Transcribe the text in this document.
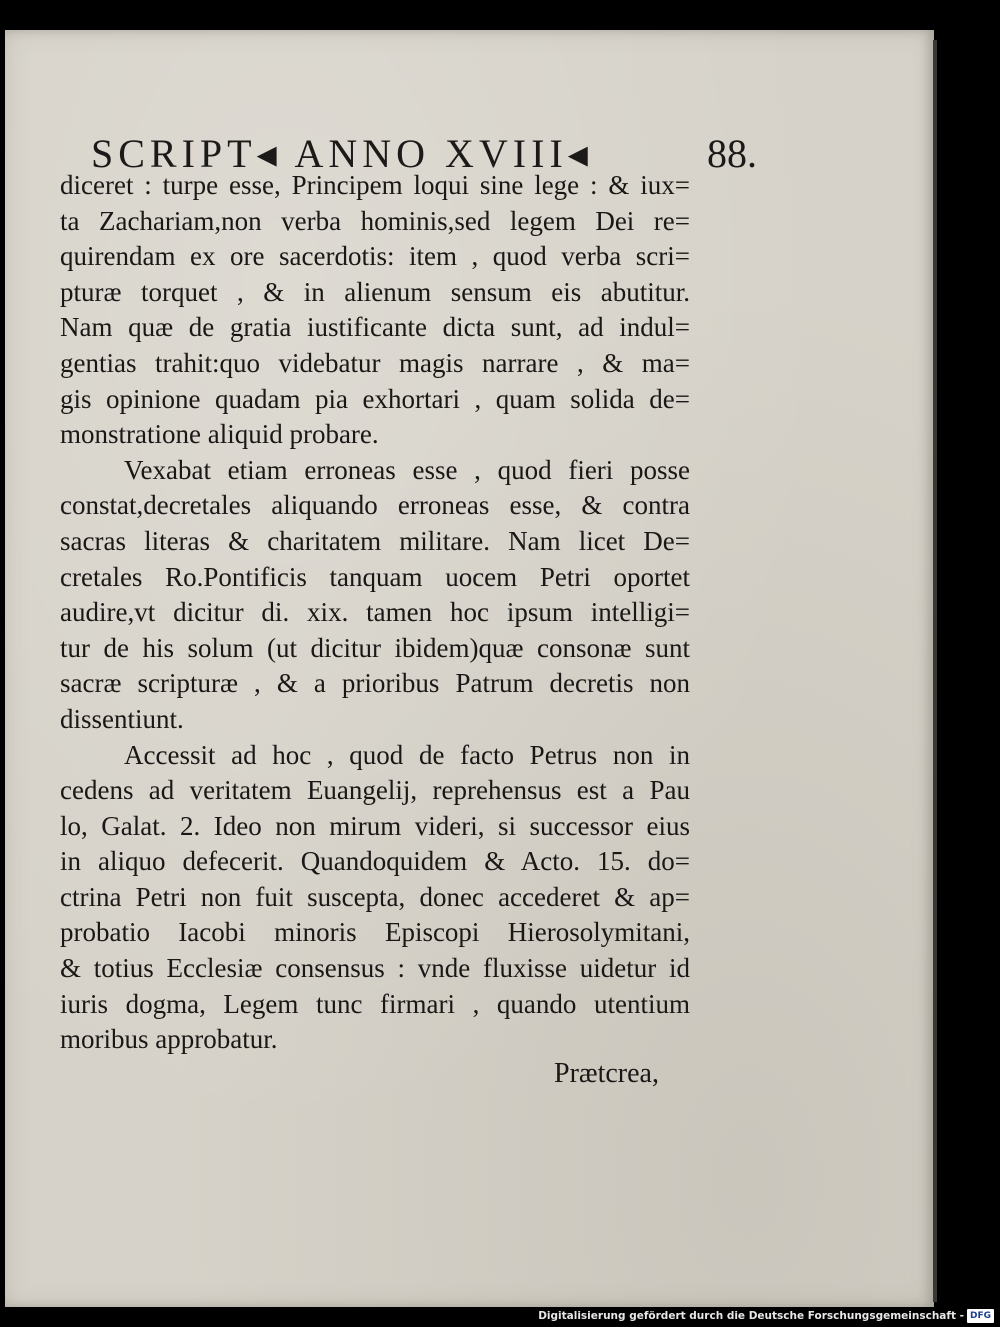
SCRIPT◂ ANNO XVIII◂	88.
diceret : turpe esse, Principem loqui sine lege : & iux=
ta Zachariam,non verba hominis,sed legem Dei re=
quirendam ex ore sacerdotis: item , quod verba scri=
pturæ torquet , & in alienum sensum eis abutitur.
Nam quæ de gratia iustificante dicta sunt, ad indul=
gentias trahit:quo videbatur magis narrare , & ma=
gis opinione quadam pia exhortari , quam solida de=
monstratione aliquid probare.
Vexabat etiam erroneas esse , quod fieri posse
constat,decretales aliquando erroneas esse, & contra
sacras literas & charitatem militare. Nam licet De=
cretales Ro.Pontificis tanquam uocem Petri oportet
audire,vt dicitur di. xix. tamen hoc ipsum intelligi=
tur de his solum (ut dicitur ibidem)quæ consonæ sunt
sacræ scripturæ , & a prioribus Patrum decretis non
dissentiunt.
Accessit ad hoc , quod de facto Petrus non in
cedens ad veritatem Euangelij, reprehensus est a Pau
lo, Galat. 2. Ideo non mirum videri, si successor eius
in aliquo defecerit. Quandoquidem & Acto. 15. do=
ctrina Petri non fuit suscepta, donec accederet & ap=
probatio Iacobi minoris Episcopi Hierosolymitani,
& totius Ecclesiæ consensus : vnde fluxisse uidetur id
iuris dogma, Legem tunc firmari , quando utentium
moribus approbatur.
Prætcrea,
Digitalisierung gefördert durch die Deutsche Forschungsgemeinschaft - DFG
